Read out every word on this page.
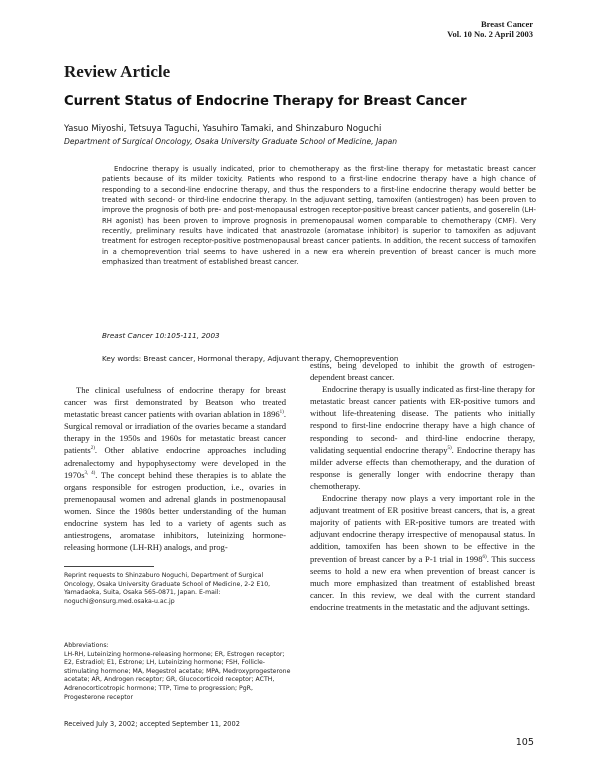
Breast Cancer
Vol. 10 No. 2 April 2003
Review Article
Current Status of Endocrine Therapy for Breast Cancer
Yasuo Miyoshi, Tetsuya Taguchi, Yasuhiro Tamaki, and Shinzaburo Noguchi
Department of Surgical Oncology, Osaka University Graduate School of Medicine, Japan
Endocrine therapy is usually indicated, prior to chemotherapy as the first-line therapy for metastatic breast cancer patients because of its milder toxicity. Patients who respond to a first-line endocrine therapy have a high chance of responding to a second-line endocrine therapy, and thus the responders to a first-line endocrine therapy would better be treated with second- or third-line endocrine therapy. In the adjuvant setting, tamoxifen (antiestrogen) has been proven to improve the prognosis of both pre- and post-menopausal estrogen receptor-positive breast cancer patients, and goserelin (LH-RH agonist) has been proven to improve prognosis in premenopausal women comparable to chemotherapy (CMF). Very recently, preliminary results have indicated that anastrozole (aromatase inhibitor) is superior to tamoxifen as adjuvant treatment for estrogen receptor-positive postmenopausal breast cancer patients. In addition, the recent success of tamoxifen in a chemoprevention trial seems to have ushered in a new era wherein prevention of breast cancer is much more emphasized than treatment of established breast cancer.
Breast Cancer 10:105-111, 2003
Key words: Breast cancer, Hormonal therapy, Adjuvant therapy, Chemoprevention

The clinical usefulness of endocrine therapy for breast cancer was first demonstrated by Beatson who treated metastatic breast cancer patients with ovarian ablation in 1896$^{1)}$. Surgical removal or irradiation of the ovaries became a standard therapy in the 1950s and 1960s for metastatic breast cancer patients$^{2)}$. Other ablative endocrine approaches including adrenalectomy and hypophysectomy were developed in the $1970s^{3, 4)}$. The concept behind these therapies is to ablate the organs responsible for estrogen production, i.e., ovaries in premenopausal women and adrenal glands in postmenopausal women. Since the 1980s better understanding of the human endocrine system has led to a variety of agents such as antiestrogens, aromatase inhibitors, luteinizing hormone-releasing hormone (LH-RH) analogs, and prog-

estins, being developed to inhibit the growth of estrogen-dependent breast cancer.

Endocrine therapy is usually indicated as first-line therapy for metastatic breast cancer patients with ER-positive tumors and without life-threatening disease. The patients who initially respond to first-line endocrine therapy have a high chance of responding to second- and third-line endocrine therapy, validating sequential endocrine therapy$^{5)}$. Endocrine therapy has milder adverse effects than chemotherapy, and the duration of response is generally longer with endocrine therapy than chemotherapy.

Endocrine therapy now plays a very important role in the adjuvant treatment of ER positive breast cancers, that is, a great majority of patients with ER-positive tumors are treated with adjuvant endocrine therapy irrespective of menopausal status. In addition, tamoxifen has been shown to be effective in the prevention of breast cancer by a P-1 trial in 1998$^{6)}$. This success seems to hold a new era when prevention of breast cancer is much more emphasized than treatment of established breast cancer. In this review, we deal with the current standard endocrine treatments in the metastatic and the adjuvant settings.

Reprint requests to Shinzaburo Noguchi, Department of Surgical Oncology, Osaka University Graduate School of Medicine, 2-2 E10, Yamadaoka, Suita, Osaka 565-0871, Japan. E-mail: noguchi@onsurg.med.osaka-u.ac.jp
Abbreviations:
LH-RH, Luteinizing hormone-releasing hormone; ER, Estrogen receptor; E2, Estradiol; E1, Estrone; LH, Luteinizing hormone; FSH, Follicle-stimulating hormone; MA, Megestrol acetate; MPA, Medroxyprogesterone acetate; AR, Androgen receptor; GR, Glucocorticoid receptor; ACTH, Adrenocorticotropic hormone; TTP, Time to progression; PgR, Progesterone receptor
Received July 3, 2002; accepted September 11, 2002
105
